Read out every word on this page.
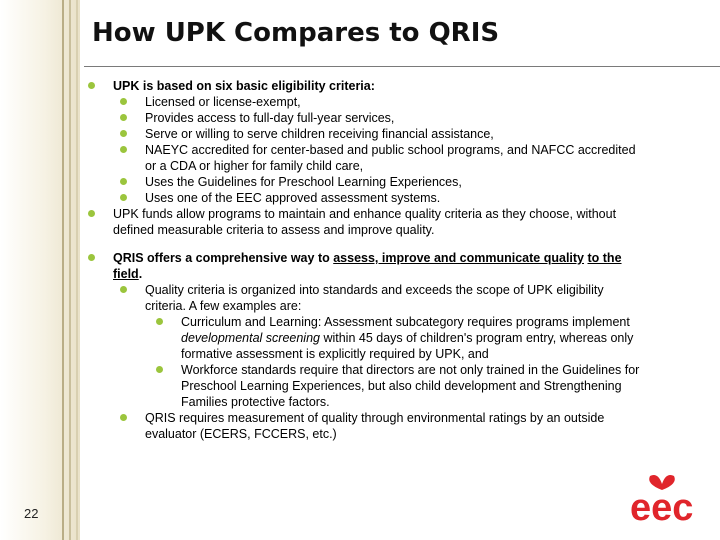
How UPK Compares to QRIS
UPK is based on six basic eligibility criteria:
Licensed or license-exempt,
Provides access to full-day full-year services,
Serve or willing to serve children receiving financial assistance,
NAEYC accredited for center-based and public school programs, and NAFCC accredited or a CDA or higher for family child care,
Uses the Guidelines for Preschool Learning Experiences,
Uses one of the EEC approved assessment systems.
UPK funds allow programs to maintain and enhance quality criteria as they choose, without defined measurable criteria to assess and improve quality.
QRIS offers a comprehensive way to assess, improve and communicate quality to the field.
Quality criteria is organized into standards and exceeds the scope of UPK eligibility criteria. A few examples are:
Curriculum and Learning: Assessment subcategory requires programs implement developmental screening within 45 days of children's program entry, whereas only formative assessment is explicitly required by UPK, and
Workforce standards require that directors are not only trained in the Guidelines for Preschool Learning Experiences, but also child development and Strengthening Families protective factors.
QRIS requires measurement of quality through environmental ratings by an outside evaluator (ECERS, FCCERS, etc.)
22	eec
